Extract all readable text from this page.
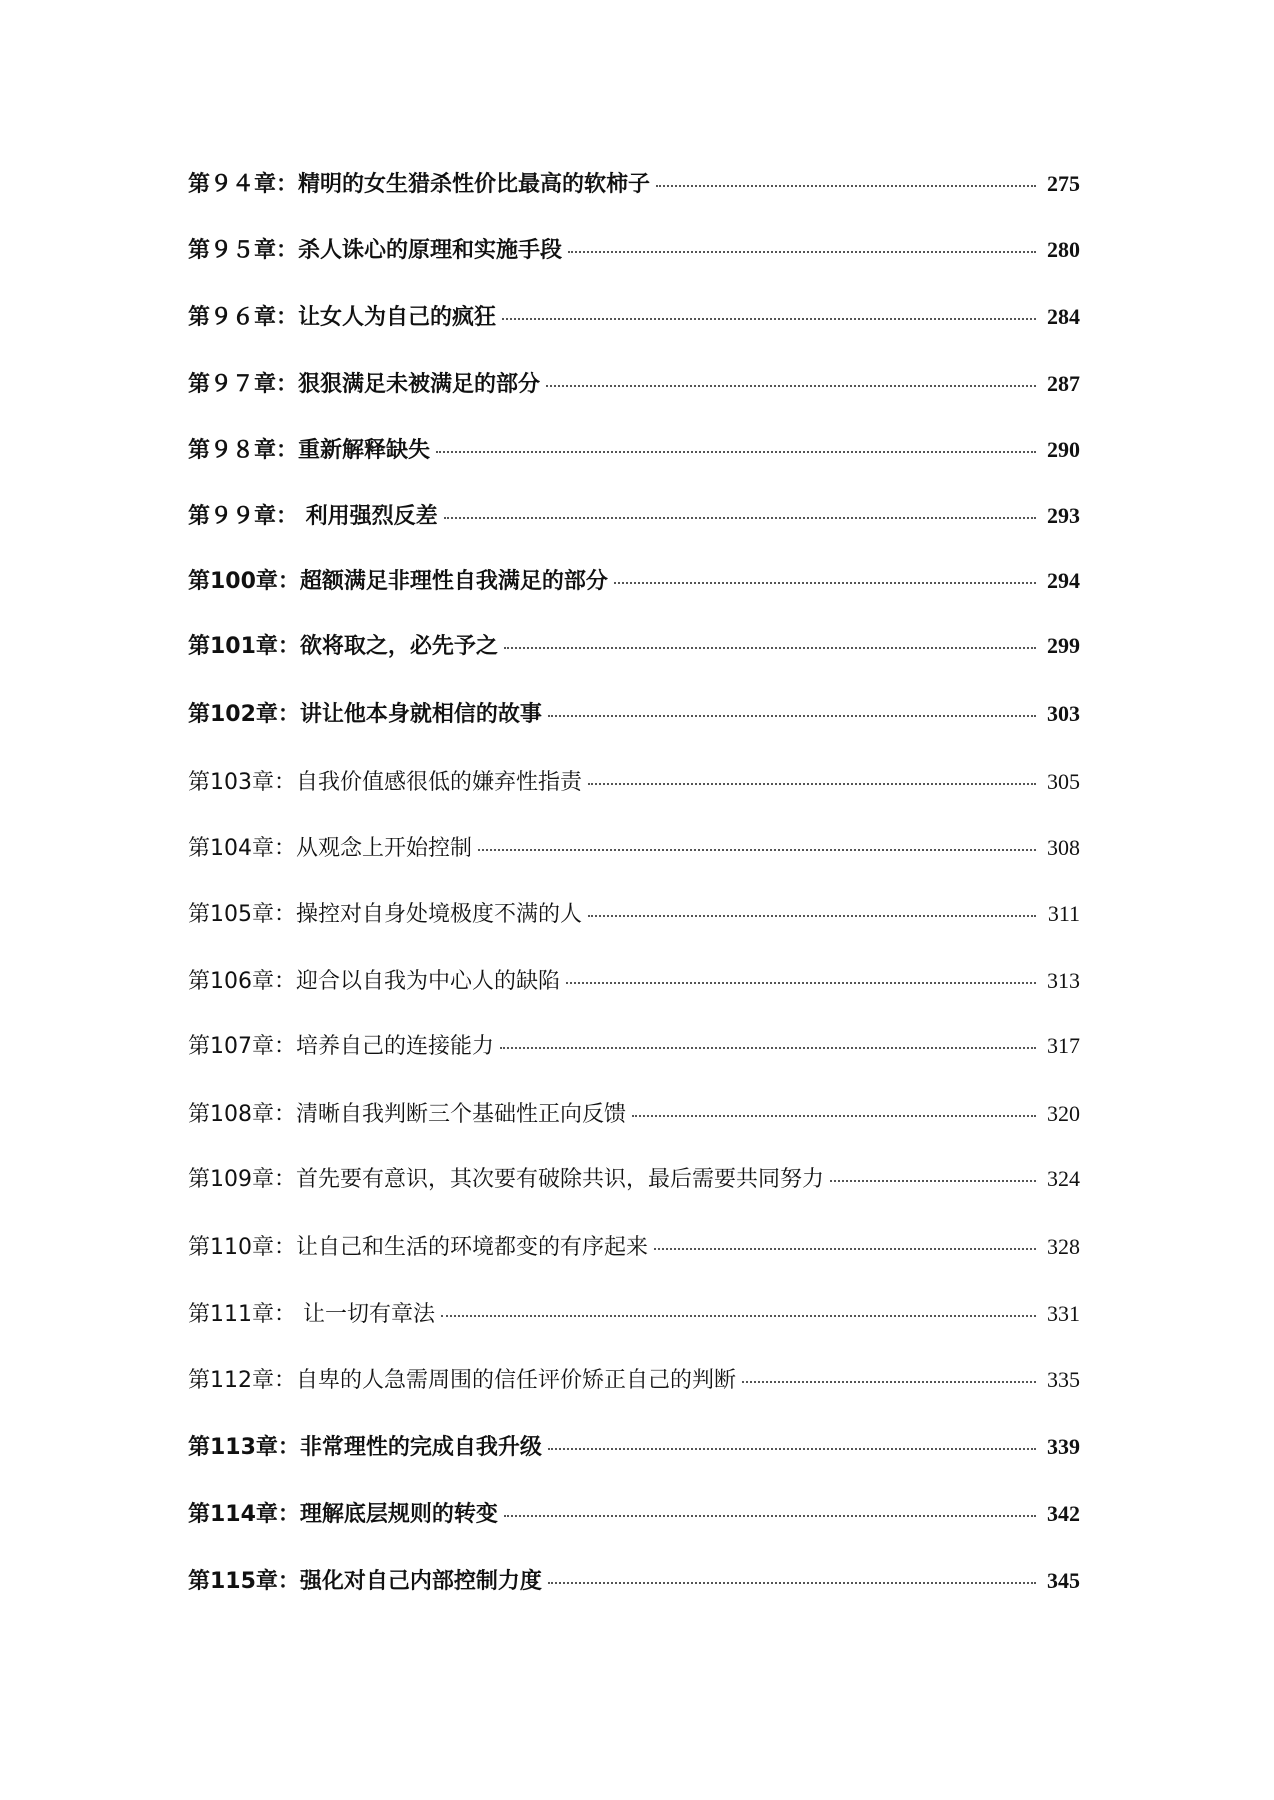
第９４章：精明的女生猎杀性价比最高的软柿子	275
第９５章：杀人诛心的原理和实施手段	280
第９６章：让女人为自己的疯狂	284
第９７章：狠狠满足未被满足的部分	287
第９８章：重新解释缺失	290
第９９章： 利用强烈反差	293
第100章：超额满足非理性自我满足的部分	294
第101章：欲将取之，必先予之	299
第102章：讲让他本身就相信的故事	303
第103章：自我价值感很低的嫌弃性指责	305
第104章：从观念上开始控制	308
第105章：操控对自身处境极度不满的人	311
第106章：迎合以自我为中心人的缺陷	313
第107章：培养自己的连接能力	317
第108章：清晰自我判断三个基础性正向反馈	320
第109章：首先要有意识，其次要有破除共识，最后需要共同努力	324
第110章：让自己和生活的环境都变的有序起来	328
第111章： 让一切有章法	331
第112章：自卑的人急需周围的信任评价矫正自己的判断	335
第113章：非常理性的完成自我升级	339
第114章：理解底层规则的转变	342
第115章：强化对自己内部控制力度	345
